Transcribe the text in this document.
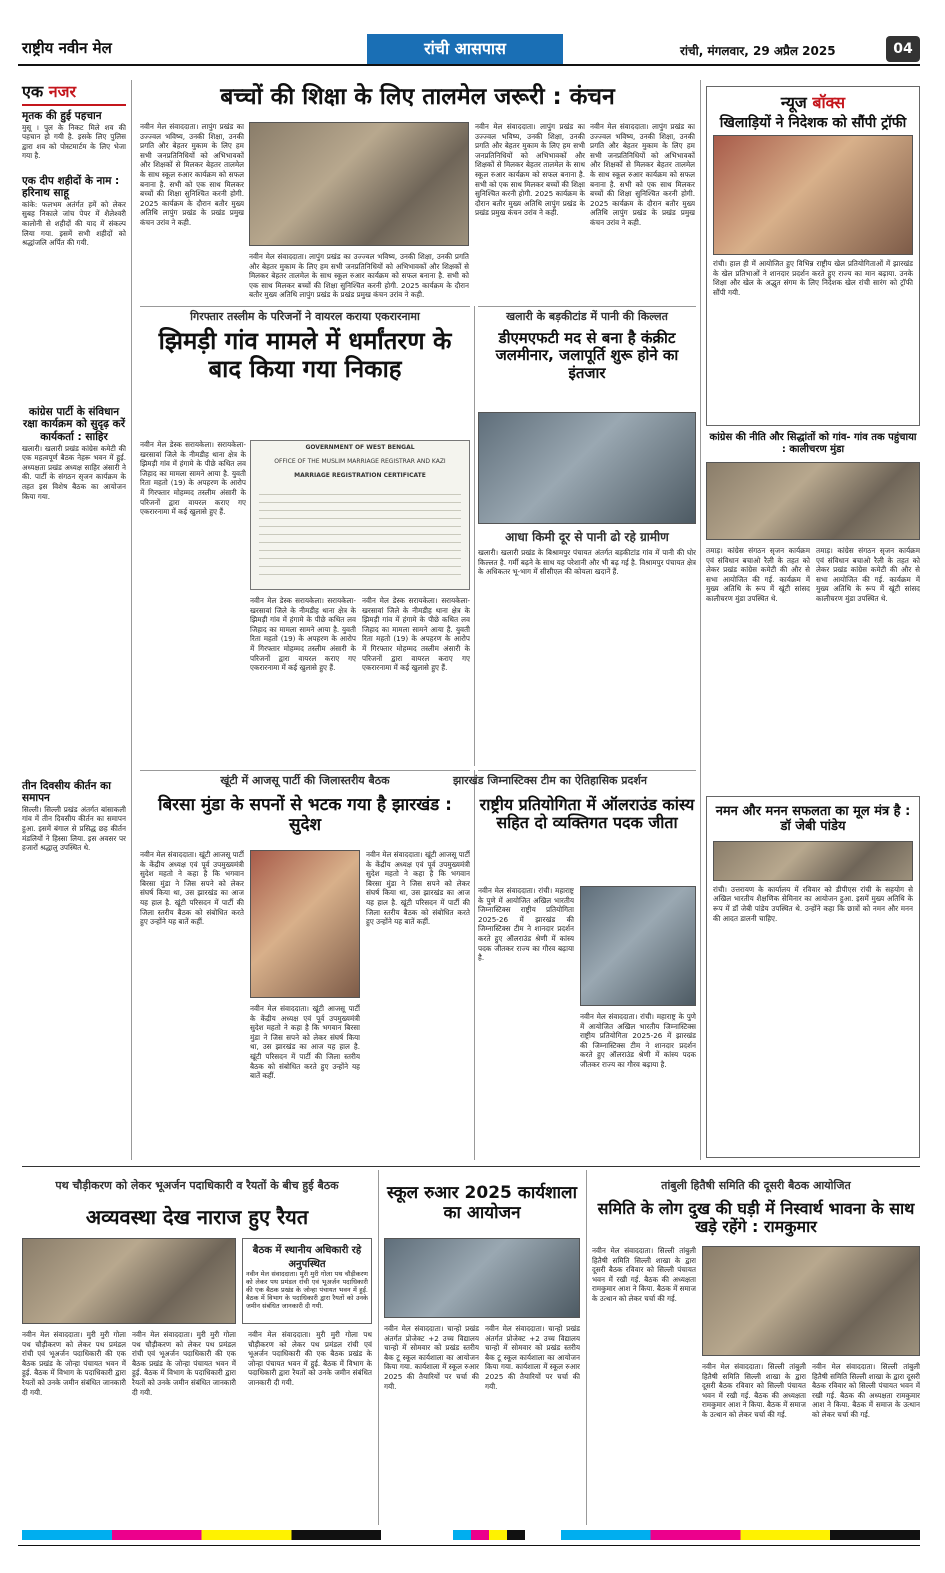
राष्ट्रीय नवीन मेल	रांची आसपास	रांची, मंगलवार, 29 अप्रैल 2025	04
एक नजर
मृतक की हुई पहचान
मुसू । पुल के निकट मिले शव की पहचान हो गयी है. इसके लिए पुलिस द्वारा शव को पोस्टमार्टम के लिए भेजा गया है.
एक दीप शहीदों के नाम : हरिनाथ साहू
कांके: फलभम अतंर्गत हमें को लेकर सुबह निकाले जांच पेपर में शैलेश्वरी कालोनी से शहीदों की याद में संकल्प लिया गया. इसमें सभी शहीदों को श्रद्धांजलि अर्पित की गयी.
कांग्रेस पार्टी के संविधान रक्षा कार्यक्रम को सुदृढ़ करें कार्यकर्ता : साहिर
खलारी। खलारी प्रखंड कांग्रेस कमेटी की एक महत्वपूर्ण बैठक नेहरू भवन में हुई. अध्यक्षता प्रखंड अध्यक्ष साहिर अंसारी ने की. पार्टी के संगठन सृजन कार्यक्रम के तहत इस विशेष बैठक का आयोजन किया गया.
तीन दिवसीय कीर्तन का समापन
सिल्ली। सिल्ली प्रखंड अंतर्गत बांसाकली गांव में तीन दिवसीय कीर्तन का समापन हुआ. इसमें बंगाल से प्रसिद्ध छह कीर्तन मंडलियों ने हिस्सा लिया. इस अवसर पर हजारों श्रद्धालु उपस्थित थे.
बच्चों की शिक्षा के लिए तालमेल जरूरी : कंचन
नवीन मेल संवाददाता। लापुंग प्रखंड का उज्ज्वल भविष्य, उनकी शिक्षा, उनकी प्रगति और बेहतर मुकाम के लिए हम सभी जनप्रतिनिधियों को अभिभावकों और शिक्षकों से मिलकर बेहतर तालमेल के साथ स्कूल रुआर कार्यक्रम को सफल बनाना है. सभी को एक साथ मिलकर बच्चों की शिक्षा सुनिश्चित करनी होगी. 2025 कार्यक्रम के दौरान बतौर मुख्य अतिथि लापुंग प्रखंड के प्रखंड प्रमुख कंचन उरांव ने कही.
नवीन मेल संवाददाता। लापुंग प्रखंड का उज्ज्वल भविष्य, उनकी शिक्षा, उनकी प्रगति और बेहतर मुकाम के लिए हम सभी जनप्रतिनिधियों को अभिभावकों और शिक्षकों से मिलकर बेहतर तालमेल के साथ स्कूल रुआर कार्यक्रम को सफल बनाना है. सभी को एक साथ मिलकर बच्चों की शिक्षा सुनिश्चित करनी होगी. 2025 कार्यक्रम के दौरान बतौर मुख्य अतिथि लापुंग प्रखंड के प्रखंड प्रमुख कंचन उरांव ने कही.
नवीन मेल संवाददाता। लापुंग प्रखंड का उज्ज्वल भविष्य, उनकी शिक्षा, उनकी प्रगति और बेहतर मुकाम के लिए हम सभी जनप्रतिनिधियों को अभिभावकों और शिक्षकों से मिलकर बेहतर तालमेल के साथ स्कूल रुआर कार्यक्रम को सफल बनाना है. सभी को एक साथ मिलकर बच्चों की शिक्षा सुनिश्चित करनी होगी. 2025 कार्यक्रम के दौरान बतौर मुख्य अतिथि लापुंग प्रखंड के प्रखंड प्रमुख कंचन उरांव ने कही.
नवीन मेल संवाददाता। लापुंग प्रखंड का उज्ज्वल भविष्य, उनकी शिक्षा, उनकी प्रगति और बेहतर मुकाम के लिए हम सभी जनप्रतिनिधियों को अभिभावकों और शिक्षकों से मिलकर बेहतर तालमेल के साथ स्कूल रुआर कार्यक्रम को सफल बनाना है. सभी को एक साथ मिलकर बच्चों की शिक्षा सुनिश्चित करनी होगी. 2025 कार्यक्रम के दौरान बतौर मुख्य अतिथि लापुंग प्रखंड के प्रखंड प्रमुख कंचन उरांव ने कही.
गिरफ्तार तस्लीम के परिजनों ने वायरल कराया एकरारनामा
झिमड़ी गांव मामले में धर्मांतरण के बाद किया गया निकाह
नवीन मेल डेस्क सरायकेला। सरायकेला-खरसावां जिले के नीमडीह थाना क्षेत्र के झिमड़ी गांव में हंगामे के पीछे कथित लव जिहाद का मामला सामने आया है. युवती रिता महतो (19) के अपहरण के आरोप में गिरफ्तार मोहम्मद तस्लीम अंसारी के परिजनों द्वारा वायरल कराए गए एकरारनामा में कई खुलासे हुए हैं.
GOVERNMENT OF WEST BENGAL
OFFICE OF THE MUSLIM MARRIAGE REGISTRAR AND KAZI
MARRIAGE REGISTRATION CERTIFICATE
नवीन मेल डेस्क सरायकेला। सरायकेला-खरसावां जिले के नीमडीह थाना क्षेत्र के झिमड़ी गांव में हंगामे के पीछे कथित लव जिहाद का मामला सामने आया है. युवती रिता महतो (19) के अपहरण के आरोप में गिरफ्तार मोहम्मद तस्लीम अंसारी के परिजनों द्वारा वायरल कराए गए एकरारनामा में कई खुलासे हुए हैं.
नवीन मेल डेस्क सरायकेला। सरायकेला-खरसावां जिले के नीमडीह थाना क्षेत्र के झिमड़ी गांव में हंगामे के पीछे कथित लव जिहाद का मामला सामने आया है. युवती रिता महतो (19) के अपहरण के आरोप में गिरफ्तार मोहम्मद तस्लीम अंसारी के परिजनों द्वारा वायरल कराए गए एकरारनामा में कई खुलासे हुए हैं.
खलारी के बड़कीटांड में पानी की किल्लत
डीएमएफटी मद से बना है कंक्रीट जलमीनार, जलापूर्ति शुरू होने का इंतजार
आधा किमी दूर से पानी ढो रहे ग्रामीण
खलारी। खलारी प्रखंड के बिश्रामपुर पंचायत अंतर्गत बड़कीटांड गांव में पानी की घोर किल्लत है. गर्मी बढ़ने के साथ यह परेशानी और भी बढ़ गई है. विश्रामपुर पंचायत क्षेत्र के अधिकतर भू-भाग में सीसीएल की कोयला खदानें हैं.
न्यूज बॉक्स
खिलाड़ियों ने निदेशक को सौंपी ट्रॉफी
रांची। हाल ही में आयोजित हुए विभिन्न राष्ट्रीय खेल प्रतियोगिताओं में झारखंड के खेल प्रतिभाओं ने शानदार प्रदर्शन करते हुए राज्य का मान बढ़ाया. उनके शिक्षा और खेल के अद्भुत संगम के लिए निदेशक खेल रांची सारंग को ट्रॉफी सौंपी गयी.
कांग्रेस की नीति और सिद्धांतों को गांव- गांव तक पहुंचाया : कालीचरण मुंडा
तमाड़। कांग्रेस संगठन सृजन कार्यक्रम एवं संविधान बचाओ रैली के तहत को लेकर प्रखंड कांग्रेस कमेटी की और से सभा आयोजित की गई. कार्यक्रम में मुख्य अतिथि के रूप में खूंटी सांसद कालीचरण मुंडा उपस्थित थे.
तमाड़। कांग्रेस संगठन सृजन कार्यक्रम एवं संविधान बचाओ रैली के तहत को लेकर प्रखंड कांग्रेस कमेटी की और से सभा आयोजित की गई. कार्यक्रम में मुख्य अतिथि के रूप में खूंटी सांसद कालीचरण मुंडा उपस्थित थे.
खूंटी में आजसू पार्टी की जिलास्तरीय बैठक
बिरसा मुंडा के सपनों से भटक गया है झारखंड : सुदेश
नवीन मेल संवाददाता। खूंटी आजसू पार्टी के केंद्रीय अध्यक्ष एवं पूर्व उपमुख्यमंत्री सुदेश महतो ने कहा है कि भगवान बिरसा मुंडा ने जिस सपने को लेकर संघर्ष किया था, उस झारखंड का आज यह हाल है. खूंटी परिसदन में पार्टी की जिला स्तरीय बैठक को संबोधित करते हुए उन्होंने यह बातें कहीं.
नवीन मेल संवाददाता। खूंटी आजसू पार्टी के केंद्रीय अध्यक्ष एवं पूर्व उपमुख्यमंत्री सुदेश महतो ने कहा है कि भगवान बिरसा मुंडा ने जिस सपने को लेकर संघर्ष किया था, उस झारखंड का आज यह हाल है. खूंटी परिसदन में पार्टी की जिला स्तरीय बैठक को संबोधित करते हुए उन्होंने यह बातें कहीं.
नवीन मेल संवाददाता। खूंटी आजसू पार्टी के केंद्रीय अध्यक्ष एवं पूर्व उपमुख्यमंत्री सुदेश महतो ने कहा है कि भगवान बिरसा मुंडा ने जिस सपने को लेकर संघर्ष किया था, उस झारखंड का आज यह हाल है. खूंटी परिसदन में पार्टी की जिला स्तरीय बैठक को संबोधित करते हुए उन्होंने यह बातें कहीं.
झारखंड जिम्नास्टिक्स टीम का ऐतिहासिक प्रदर्शन
राष्ट्रीय प्रतियोगिता में ऑलराउंड कांस्य सहित दो व्यक्तिगत पदक जीता
नवीन मेल संवाददाता। रांची। महाराष्ट्र के पुणे में आयोजित अखिल भारतीय जिम्नास्टिक्स राष्ट्रीय प्रतियोगिता 2025-26 में झारखंड की जिम्नास्टिक्स टीम ने शानदार प्रदर्शन करते हुए ऑलराउंड श्रेणी में कांस्य पदक जीतकर राज्य का गौरव बढ़ाया है.
नवीन मेल संवाददाता। रांची। महाराष्ट्र के पुणे में आयोजित अखिल भारतीय जिम्नास्टिक्स राष्ट्रीय प्रतियोगिता 2025-26 में झारखंड की जिम्नास्टिक्स टीम ने शानदार प्रदर्शन करते हुए ऑलराउंड श्रेणी में कांस्य पदक जीतकर राज्य का गौरव बढ़ाया है.
नमन और मनन सफलता का मूल मंत्र है : डॉ जेबी पांडेय
रांची। उत्तरायण के कार्यालय में रविवार को डीपीएस रांची के सहयोग से अखिल भारतीय शैक्षणिक सेमिनार का आयोजन हुआ. इसमें मुख्य अतिथि के रूप में डॉ जेबी पांडेय उपस्थित थे. उन्होंने कहा कि छात्रों को नमन और मनन की आदत डालनी चाहिए.
पथ चौड़ीकरण को लेकर भूअर्जन पदाधिकारी व रैयतों के बीच हुई बैठक
अव्यवस्था देख नाराज हुए रैयत
बैठक में स्थानीय अधिकारी रहे अनुपस्थित
नवीन मेल संवाददाता। मुरी मुरी गोला पथ चौड़ीकरण को लेकर पथ प्रमंडल रांची एवं भूअर्जन पदाधिकारी की एक बैठक प्रखंड के जोन्हा पंचायत भवन में हुई. बैठक में विभाग के पदाधिकारी द्वारा रैयतों को उनके जमीन संबंधित जानकारी दी गयी.
नवीन मेल संवाददाता। मुरी मुरी गोला पथ चौड़ीकरण को लेकर पथ प्रमंडल रांची एवं भूअर्जन पदाधिकारी की एक बैठक प्रखंड के जोन्हा पंचायत भवन में हुई. बैठक में विभाग के पदाधिकारी द्वारा रैयतों को उनके जमीन संबंधित जानकारी दी गयी.
नवीन मेल संवाददाता। मुरी मुरी गोला पथ चौड़ीकरण को लेकर पथ प्रमंडल रांची एवं भूअर्जन पदाधिकारी की एक बैठक प्रखंड के जोन्हा पंचायत भवन में हुई. बैठक में विभाग के पदाधिकारी द्वारा रैयतों को उनके जमीन संबंधित जानकारी दी गयी.
नवीन मेल संवाददाता। मुरी मुरी गोला पथ चौड़ीकरण को लेकर पथ प्रमंडल रांची एवं भूअर्जन पदाधिकारी की एक बैठक प्रखंड के जोन्हा पंचायत भवन में हुई. बैठक में विभाग के पदाधिकारी द्वारा रैयतों को उनके जमीन संबंधित जानकारी दी गयी.
स्कूल रुआर 2025 कार्यशाला का आयोजन
नवीन मेल संवाददाता। चान्हो प्रखंड अंतर्गत प्रोजेक्ट +2 उच्च विद्यालय चान्हो में सोमवार को प्रखंड स्तरीय बैक टू स्कूल कार्यशाला का आयोजन किया गया. कार्यशाला में स्कूल रुआर 2025 की तैयारियों पर चर्चा की गयी.
नवीन मेल संवाददाता। चान्हो प्रखंड अंतर्गत प्रोजेक्ट +2 उच्च विद्यालय चान्हो में सोमवार को प्रखंड स्तरीय बैक टू स्कूल कार्यशाला का आयोजन किया गया. कार्यशाला में स्कूल रुआर 2025 की तैयारियों पर चर्चा की गयी.
तांबुली हितैषी समिति की दूसरी बैठक आयोजित
समिति के लोग दुख की घड़ी में निस्वार्थ भावना के साथ खड़े रहेंगे : रामकुमार
नवीन मेल संवाददाता। सिल्ली तांबुली हितैषी समिति सिल्ली शाखा के द्वारा दूसरी बैठक रविवार को सिल्ली पंचायत भवन में रखी गई. बैठक की अध्यक्षता रामकुमार आश ने किया. बैठक में समाज के उत्थान को लेकर चर्चा की गई.
नवीन मेल संवाददाता। सिल्ली तांबुली हितैषी समिति सिल्ली शाखा के द्वारा दूसरी बैठक रविवार को सिल्ली पंचायत भवन में रखी गई. बैठक की अध्यक्षता रामकुमार आश ने किया. बैठक में समाज के उत्थान को लेकर चर्चा की गई.
नवीन मेल संवाददाता। सिल्ली तांबुली हितैषी समिति सिल्ली शाखा के द्वारा दूसरी बैठक रविवार को सिल्ली पंचायत भवन में रखी गई. बैठक की अध्यक्षता रामकुमार आश ने किया. बैठक में समाज के उत्थान को लेकर चर्चा की गई.
